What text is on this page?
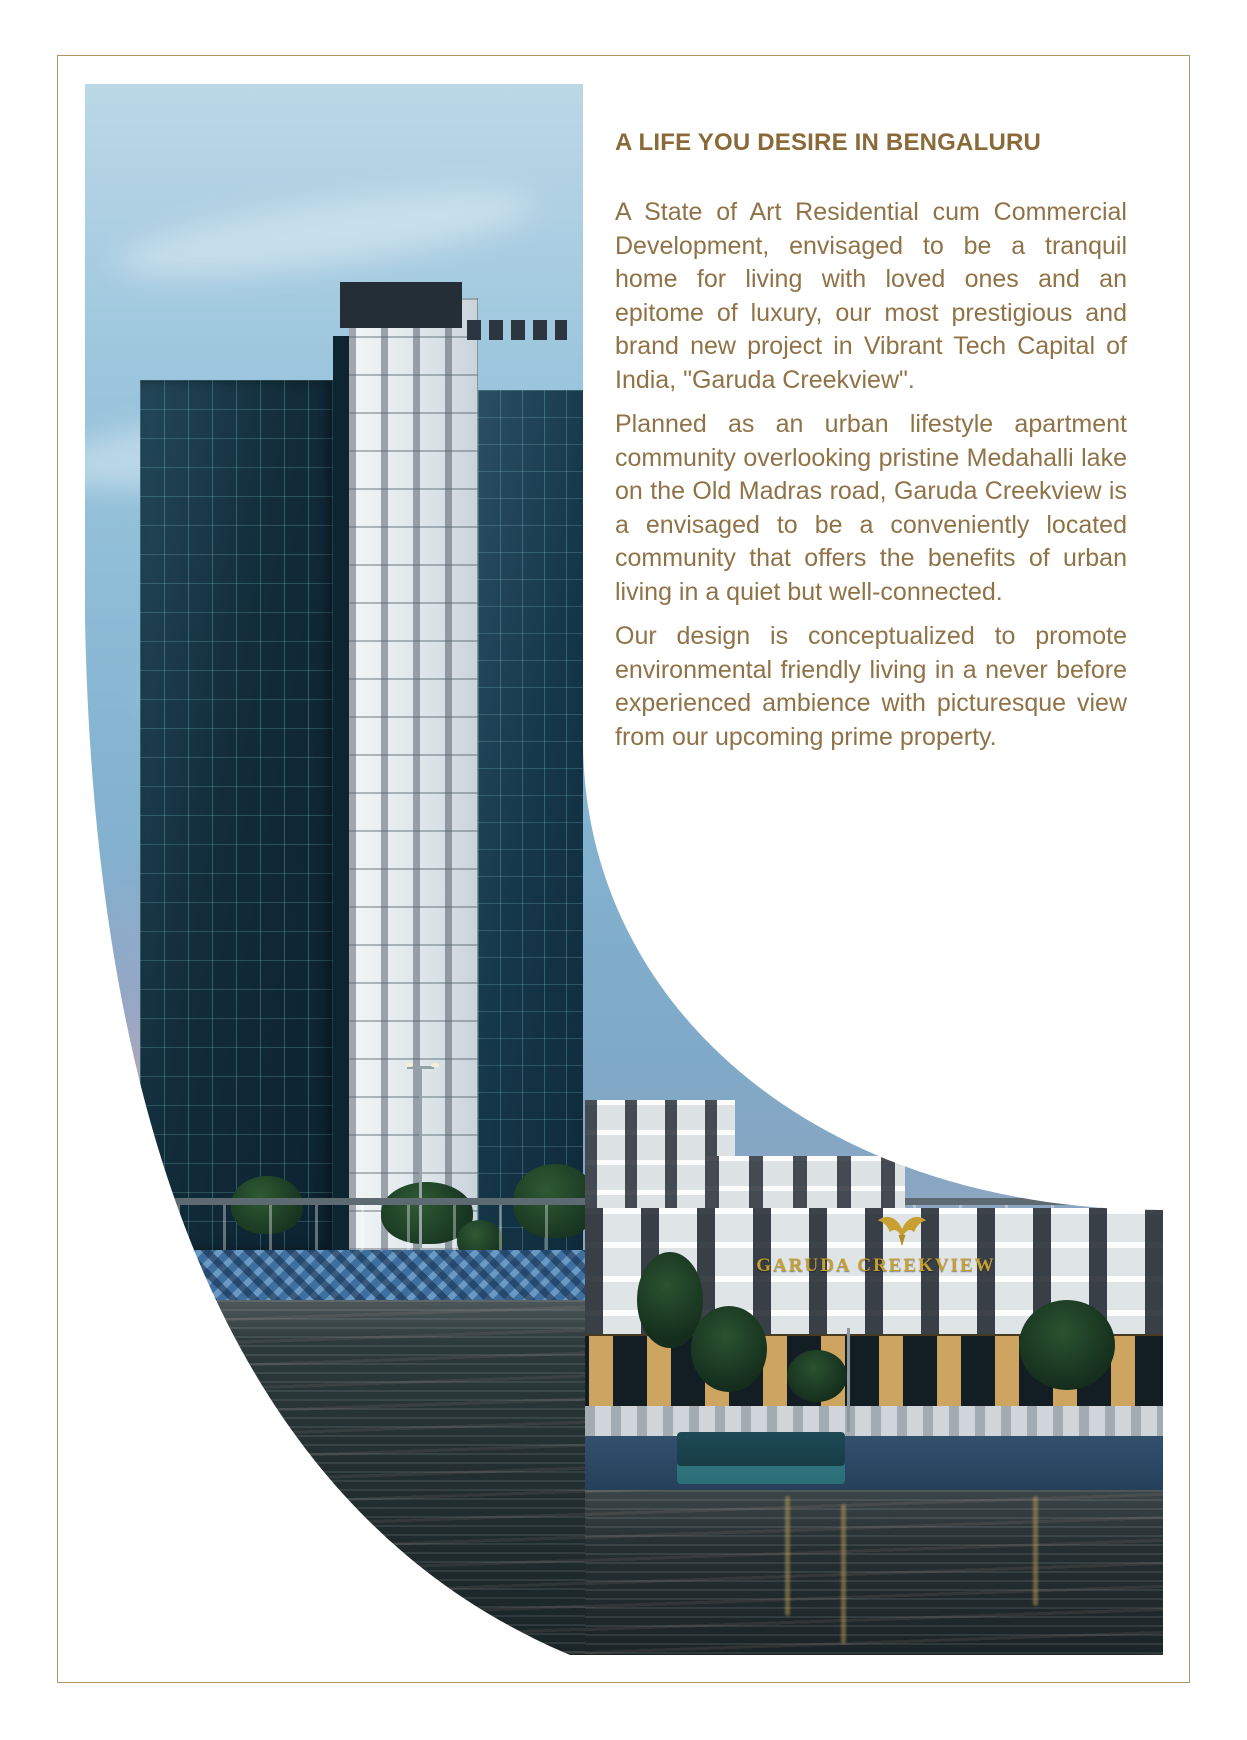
GARUDA CREEKVIEW
A LIFE YOU DESIRE IN BENGALURU

A State of Art Residential cum Commercial Development, envisaged to be a tranquil home for living with loved ones and an epitome of luxury, our most prestigious and brand new project in Vibrant Tech Capital of India, "Garuda Creekview".

Planned as an urban lifestyle apartment community overlooking pristine Medahalli lake on the Old Madras road, Garuda Creekview is a envisaged to be a conveniently located community that offers the benefits of urban living in a quiet but well-connected.

Our design is conceptualized to promote environmental friendly living in a never before experienced ambience with picturesque view from our upcoming prime property.
